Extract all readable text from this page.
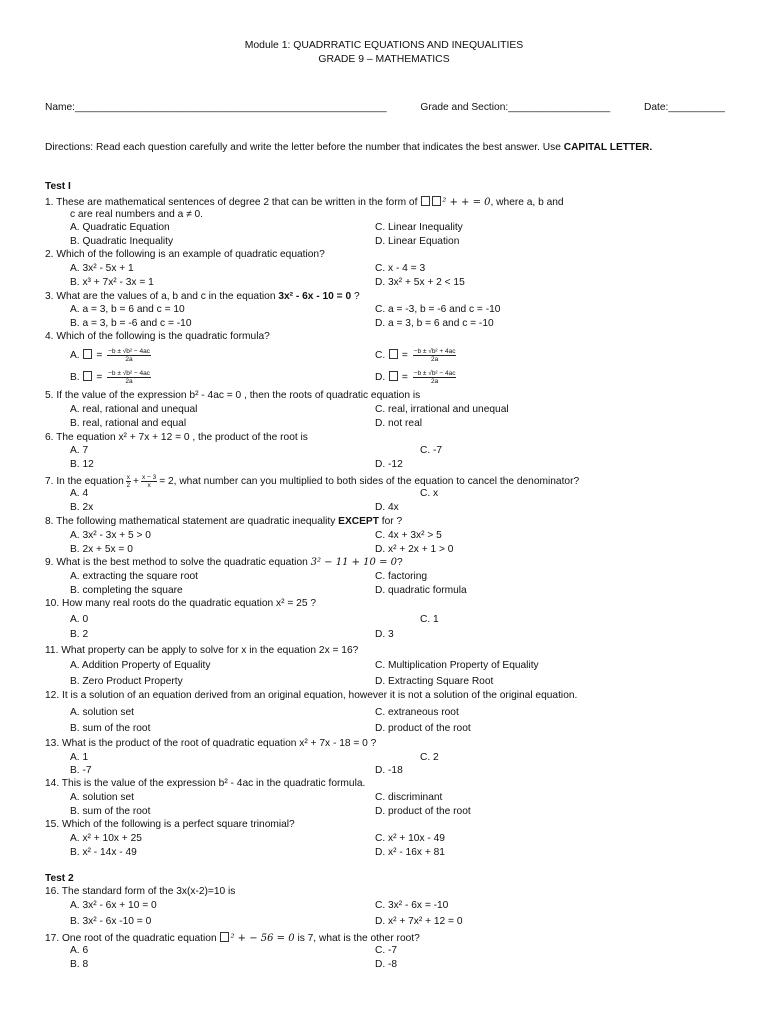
Module 1: QUADRRATIC EQUATIONS AND INEQUALITIES
GRADE 9 – MATHEMATICS
Name:_______________________________________________________	Grade and Section:__________________	Date:__________
Directions: Read each question carefully and write the letter before the number that indicates the best answer. Use CAPITAL LETTER.
Test I
1. These are mathematical sentences of degree 2 that can be written in the form of ² + + = 0, where a, b and
c are real numbers and a ≠ 0.
A. Quadratic Equation	C. Linear Inequality
B. Quadratic Inequality	D. Linear Equation
2. Which of the following is an example of quadratic equation?
A. 3x² - 5x + 1	C. x - 4 = 3
B. x³ + 7x² - 3x = 1	D. 3x² + 5x + 2 < 15
3. What are the values of a, b and c in the equation 3x² - 6x - 10 = 0 ?
A. a = 3, b = 6 and c = 10	C. a = -3, b = -6 and c = -10
B. a = 3, b = -6 and c = -10	D. a = 3, b = 6 and c = -10
4. Which of the following is the quadratic formula?
A.  = $\frac{\text{−b ± √b² − 4ac}}{2a}$	C.  = $\frac{\text{−b ± √b² + 4ac}}{2a}$
B.  = $\frac{\text{−b ± √b² − 4ac}}{2a}$	D.  = $\frac{\text{−b ± √b² − 4ac}}{2a}$
5. If the value of the expression b² - 4ac = 0 , then the roots of quadratic equation is
A. real, rational and unequal	C. real, irrational and unequal
B. real, rational and equal	D. not real
6. The equation x² + 7x + 12 = 0 , the product of the root is
A. 7	C. -7
B. 12	D. -12
7. In the equation $\frac{x}{2} + \frac{x - 3}{x} = 2$, what number can you multiplied to both sides of the equation to cancel the denominator?
A. 4	C. x
B. 2x	D. 4x
8. The following mathematical statement are quadratic inequality EXCEPT for ?
A. 3x² - 3x + 5 > 0	C. 4x + 3x² > 5
B. 2x + 5x = 0	D. x² + 2x + 1 > 0
9. What is the best method to solve the quadratic equation 3² − 11 + 10 = 0?
A. extracting the square root	C. factoring
B. completing the square	D. quadratic formula
10. How many real roots do the quadratic equation x² = 25 ?
A. 0	C. 1
B. 2	D. 3
11. What property can be apply to solve for x in the equation 2x = 16?
A. Addition Property of Equality	C. Multiplication Property of Equality
B. Zero Product Property	D. Extracting Square Root
12. It is a solution of an equation derived from an original equation, however it is not a solution of the original equation.
A. solution set	C. extraneous root
B. sum of the root	D. product of the root
13. What is the product of the root of quadratic equation x² + 7x - 18 = 0 ?
A. 1	C. 2
B. -7	D. -18
14. This is the value of the expression b² - 4ac in the quadratic formula.
A. solution set	C. discriminant
B. sum of the root	D. product of the root
15. Which of the following is a perfect square trinomial?
A. x² + 10x + 25	C. x² + 10x - 49
B. x² - 14x - 49	D. x² - 16x + 81
Test 2
16. The standard form of the 3x(x-2)=10 is
A. 3x² - 6x + 10 = 0	C. 3x² - 6x = -10
B. 3x² - 6x -10 = 0	D. x² + 7x² + 12 = 0
17. One root of the quadratic equation ² + − 56 = 0 is 7, what is the other root?
A. 6	C. -7
B. 8	D. -8
